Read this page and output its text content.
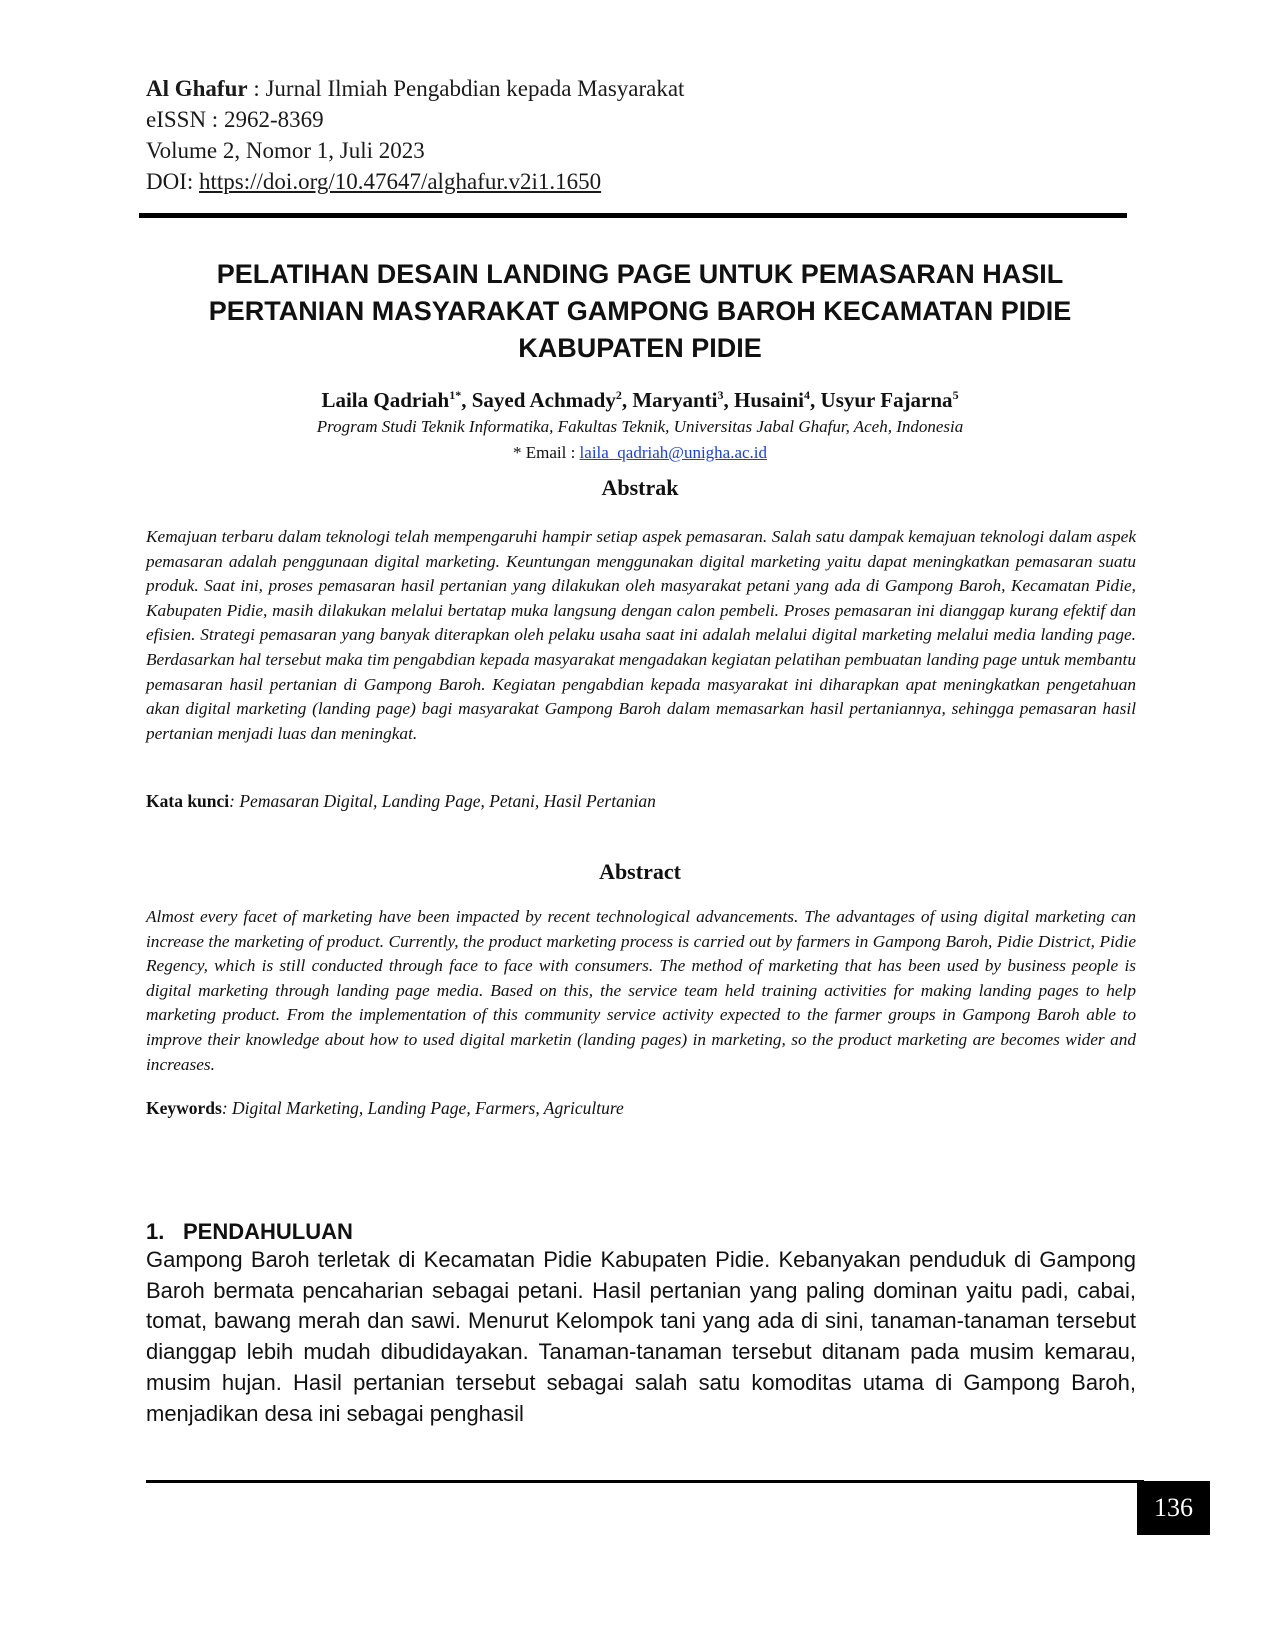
Al Ghafur : Jurnal Ilmiah Pengabdian kepada Masyarakat
eISSN : 2962-8369
Volume 2, Nomor 1, Juli 2023
DOI: https://doi.org/10.47647/alghafur.v2i1.1650
PELATIHAN DESAIN LANDING PAGE UNTUK PEMASARAN HASIL
PERTANIAN MASYARAKAT GAMPONG BAROH KECAMATAN PIDIE
KABUPATEN PIDIE
Laila Qadriah$^{1*}$, Sayed Achmady$^2$, Maryanti$^3$, Husaini$^4$, Usyur Fajarna$^5$
Program Studi Teknik Informatika, Fakultas Teknik, Universitas Jabal Ghafur, Aceh, Indonesia
* Email : laila_qadriah@unigha.ac.id
Abstrak
Kemajuan terbaru dalam teknologi telah mempengaruhi hampir setiap aspek pemasaran. Salah satu dampak kemajuan teknologi dalam aspek pemasaran adalah penggunaan digital marketing. Keuntungan menggunakan digital marketing yaitu dapat meningkatkan pemasaran suatu produk. Saat ini, proses pemasaran hasil pertanian yang dilakukan oleh masyarakat petani yang ada di Gampong Baroh, Kecamatan Pidie, Kabupaten Pidie, masih dilakukan melalui bertatap muka langsung dengan calon pembeli. Proses pemasaran ini dianggap kurang efektif dan efisien. Strategi pemasaran yang banyak diterapkan oleh pelaku usaha saat ini adalah melalui digital marketing melalui media landing page. Berdasarkan hal tersebut maka tim pengabdian kepada masyarakat mengadakan kegiatan pelatihan pembuatan landing page untuk membantu pemasaran hasil pertanian di Gampong Baroh. Kegiatan pengabdian kepada masyarakat ini diharapkan apat meningkatkan pengetahuan akan digital marketing (landing page) bagi masyarakat Gampong Baroh dalam memasarkan hasil pertaniannya, sehingga pemasaran hasil pertanian menjadi luas dan meningkat.
Kata kunci: Pemasaran Digital, Landing Page, Petani, Hasil Pertanian
Abstract
Almost every facet of marketing have been impacted by recent technological advancements. The advantages of using digital marketing can increase the marketing of product. Currently, the product marketing process is carried out by farmers in Gampong Baroh, Pidie District, Pidie Regency, which is still conducted through face to face with consumers. The method of marketing that has been used by business people is digital marketing through landing page media. Based on this, the service team held training activities for making landing pages to help marketing product. From the implementation of this community service activity expected to the farmer groups in Gampong Baroh able to improve their knowledge about how to used digital marketin (landing pages) in marketing, so the product marketing are becomes wider and increases.
Keywords: Digital Marketing, Landing Page, Farmers, Agriculture
1. PENDAHULUAN
Gampong Baroh terletak di Kecamatan Pidie Kabupaten Pidie. Kebanyakan penduduk di Gampong Baroh bermata pencaharian sebagai petani. Hasil pertanian yang paling dominan yaitu padi, cabai, tomat, bawang merah dan sawi. Menurut Kelompok tani yang ada di sini, tanaman-tanaman tersebut dianggap lebih mudah dibudidayakan. Tanaman-tanaman tersebut ditanam pada musim kemarau, musim hujan. Hasil pertanian tersebut sebagai salah satu komoditas utama di Gampong Baroh, menjadikan desa ini sebagai penghasil
136
